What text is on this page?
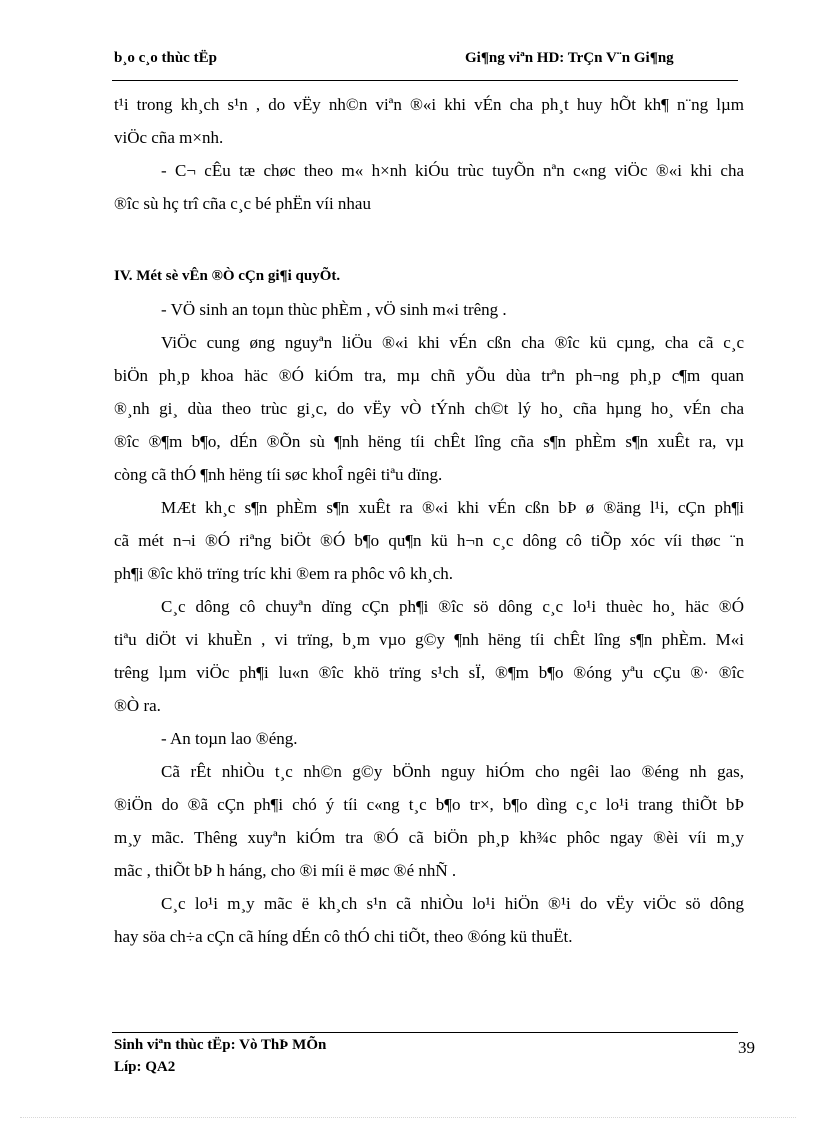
b¸o c¸o thùc tËp	Gi¶ng viªn HD: TrÇn V¨n Gi¶ng
t¹i trong kh¸ch s¹n , do vËy nh©n viªn ®«i khi vÉn cha ph¸t huy hÕt kh¶ n¨ng lµm
viÖc cña m×nh.
- C¬ cÊu tæ chøc theo m« h×nh kiÓu trùc tuyÕn nªn c«ng viÖc ®«i khi cha
®îc sù hç trî cña c¸c bé phËn víi nhau
IV. Mét sè vÊn ®Ò cÇn gi¶i quyÕt.
- VÖ sinh an toµn thùc phÈm , vÖ sinh m«i trêng .
ViÖc cung øng nguyªn liÖu ®«i khi vÉn cßn cha ®îc kü cµng, cha cã c¸c
biÖn ph¸p khoa häc ®Ó kiÓm tra, mµ chñ yÕu dùa trªn ph¬ng ph¸p c¶m quan
®¸nh gi¸ dùa theo trùc gi¸c, do vËy vÒ tÝnh ch©t lý ho¸ cña hµng ho¸ vÉn cha
®îc ®¶m b¶o, dÉn ®Õn sù ¶nh hëng tíi chÊt lîng cña s¶n phÈm s¶n xuÊt ra, vµ
còng cã thÓ ¶nh hëng tíi søc khoÎ ngêi tiªu dïng.
MÆt kh¸c s¶n phÈm s¶n xuÊt ra ®«i khi vÉn cßn bÞ ø ®äng l¹i, cÇn ph¶i
cã mét n¬i ®Ó riªng biÖt ®Ó b¶o qu¶n kü h¬n c¸c dông cô tiÕp xóc víi thøc ¨n
ph¶i ®îc khö trïng tríc khi ®em ra phôc vô kh¸ch.
C¸c dông cô chuyªn dïng cÇn ph¶i ®îc sö dông c¸c lo¹i thuèc ho¸ häc ®Ó
tiªu diÖt vi khuÈn , vi trïng, b¸m vµo g©y ¶nh hëng tíi chÊt lîng s¶n phÈm. M«i
trêng lµm viÖc ph¶i lu«n ®îc khö trïng s¹ch sÏ, ®¶m b¶o ®óng yªu cÇu ®· ®îc
®Ò ra.
- An toµn lao ®éng.
Cã rÊt nhiÒu t¸c nh©n g©y bÖnh nguy hiÓm cho ngêi lao ®éng nh gas,
®iÖn do ®ã cÇn ph¶i chó ý tíi c«ng t¸c b¶o tr×, b¶o dìng c¸c lo¹i trang thiÕt bÞ
m¸y mãc. Thêng xuyªn kiÓm tra ®Ó cã biÖn ph¸p kh¾c phôc ngay ®èi víi m¸y
mãc , thiÕt bÞ h háng, cho ®i míi ë møc ®é nhÑ .
C¸c lo¹i m¸y mãc ë kh¸ch s¹n cã nhiÒu lo¹i hiÖn ®¹i do vËy viÖc sö dông
hay söa ch÷a cÇn cã híng dÉn cô thÓ chi tiÕt, theo ®óng kü thuËt.
Sinh viªn thùc tËp: Vò ThÞ MÕn
Líp: QA2
39
